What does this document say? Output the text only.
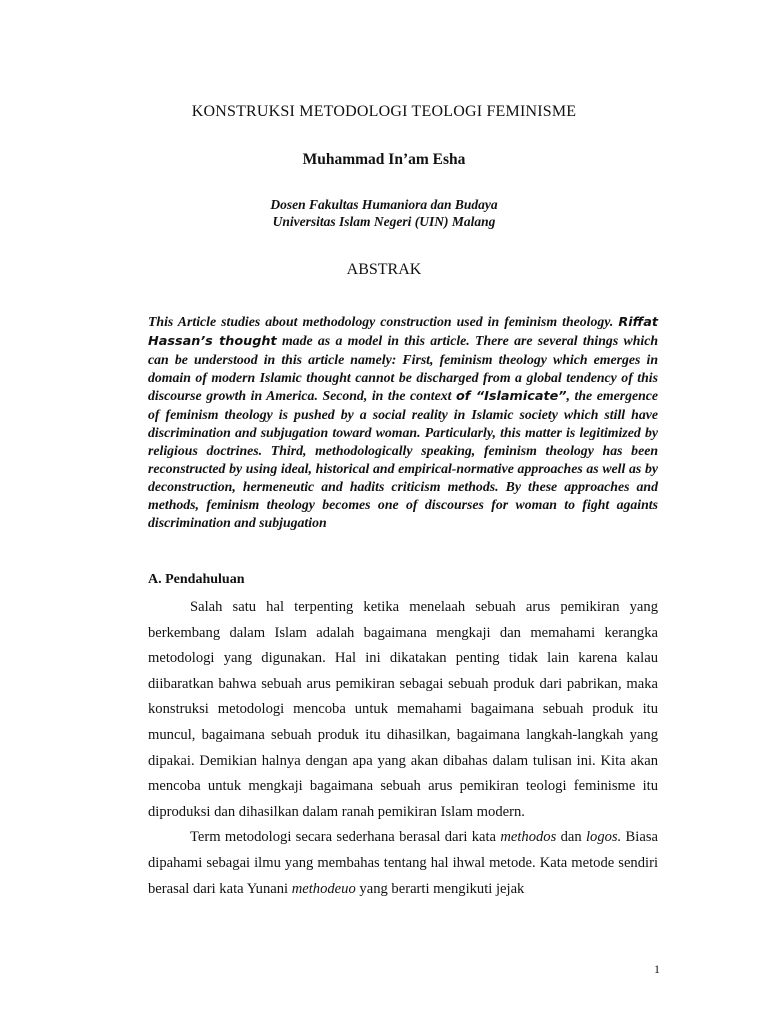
KONSTRUKSI METODOLOGI TEOLOGI FEMINISME
Muhammad In’am Esha
Dosen Fakultas Humaniora dan Budaya
Universitas Islam Negeri (UIN) Malang
ABSTRAK

This Article studies about methodology construction used in feminism theology. Riffat Hassan’s thought made as a model in this article. There are several things which can be understood in this article namely: First, feminism theology which emerges in domain of modern Islamic thought cannot be discharged from a global tendency of this discourse growth in America. Second, in the context of “Islamicate”, the emergence of feminism theology is pushed by a social reality in Islamic society which still have discrimination and subjugation toward woman. Particularly, this matter is legitimized by religious doctrines. Third, methodologically speaking, feminism theology has been reconstructed by using ideal, historical and empirical-normative approaches as well as by deconstruction, hermeneutic and hadits criticism methods. By these approaches and methods, feminism theology becomes one of discourses for woman to fight againts discrimination and subjugation

A. Pendahuluan

Salah satu hal terpenting ketika menelaah sebuah arus pemikiran yang berkembang dalam Islam adalah bagaimana mengkaji dan memahami kerangka metodologi yang digunakan. Hal ini dikatakan penting tidak lain karena kalau diibaratkan bahwa sebuah arus pemikiran sebagai sebuah produk dari pabrikan, maka konstruksi metodologi mencoba untuk memahami bagaimana sebuah produk itu muncul, bagaimana sebuah produk itu dihasilkan, bagaimana langkah-langkah yang dipakai. Demikian halnya dengan apa yang akan dibahas dalam tulisan ini. Kita akan mencoba untuk mengkaji bagaimana sebuah arus pemikiran teologi feminisme itu diproduksi dan dihasilkan dalam ranah pemikiran Islam modern.

Term metodologi secara sederhana berasal dari kata methodos dan logos. Biasa dipahami sebagai ilmu yang membahas tentang hal ihwal metode. Kata metode sendiri berasal dari kata Yunani methodeuo yang berarti mengikuti jejak

1
